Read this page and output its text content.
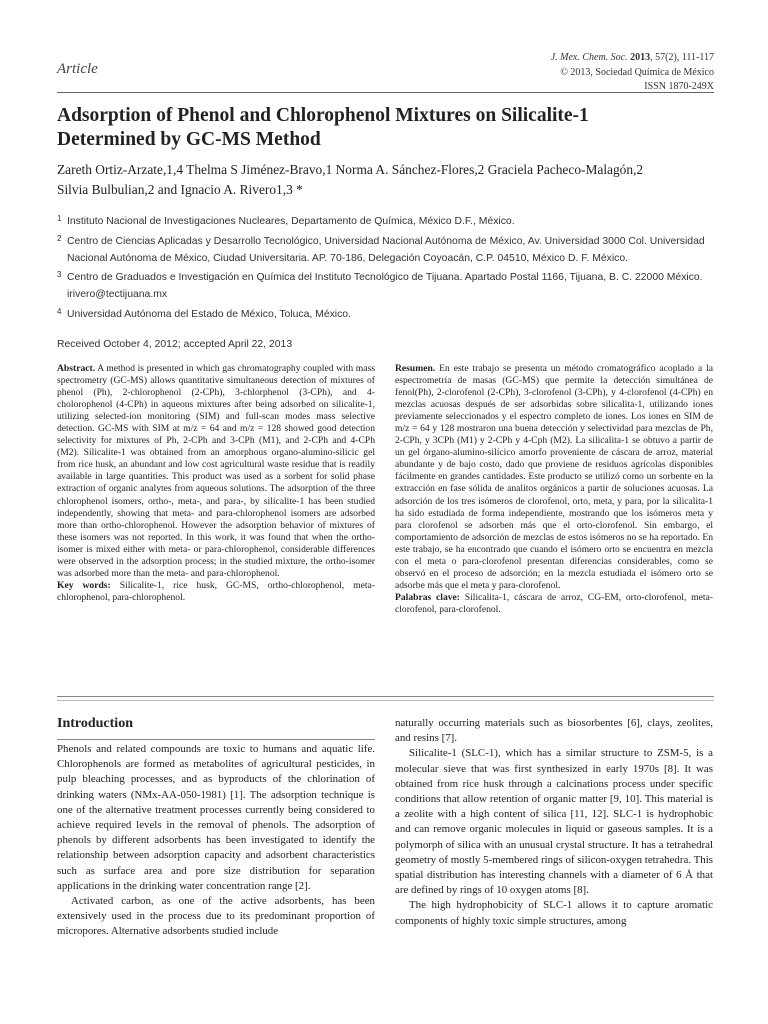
J. Mex. Chem. Soc. 2013, 57(2), 111-117
© 2013, Sociedad Química de México
ISSN 1870-249X
Article
Adsorption of Phenol and Chlorophenol Mixtures on Silicalite-1
Determined by GC-MS Method
Zareth Ortiz-Arzate,1,4 Thelma S Jiménez-Bravo,1 Norma A. Sánchez-Flores,2 Graciela Pacheco-Malagón,2
Silvia Bulbulian,2 and Ignacio A. Rivero1,3 *
1 Instituto Nacional de Investigaciones Nucleares, Departamento de Química, México D.F., México.
2 Centro de Ciencias Aplicadas y Desarrollo Tecnológico, Universidad Nacional Autónoma de México, Av. Universidad 3000 Col. Universidad Nacional Autónoma de México, Ciudad Universitaria. AP. 70-186, Delegación Coyoacán, C.P. 04510, México D. F. México.
3 Centro de Graduados e Investigación en Química del Instituto Tecnológico de Tijuana. Apartado Postal 1166, Tijuana, B. C. 22000 México. irivero@tectijuana.mx
4 Universidad Autónoma del Estado de México, Toluca, México.
Received October 4, 2012; accepted April 22, 2013

Abstract. A method is presented in which gas chromatography coupled with mass spectrometry (GC-MS) allows quantitative simultaneous detection of mixtures of phenol (Ph), 2-chlorophenol (2-CPh), 3-chlorphenol (3-CPh), and 4-cholorophenol (4-CPh) in aqueous mixtures after being adsorbed on silicalite-1, utilizing selected-ion monitoring (SIM) and full-scan modes mass selective detection. GC-MS with SIM at m/z = 64 and m/z = 128 showed good detection selectivity for mixtures of Ph, 2-CPh and 3-CPh (M1), and 2-CPh and 4-CPh (M2). Silicalite-1 was obtained from an amorphous organo-alumino-silicic gel from rice husk, an abundant and low cost agricultural waste residue that is readily available in large quantities. This product was used as a sorbent for solid phase extraction of organic analytes from aqueous solutions. The adsorption of the three chlorophenol isomers, ortho-, meta-, and para-, by silicalite-1 has been studied independently, showing that meta- and para-chlorophenol isomers are adsorbed more than ortho-chlorophenol. However the adsorption behavior of mixtures of these isomers was not reported. In this work, it was found that when the ortho-isomer is mixed either with meta- or para-chlorophenol, considerable differences were observed in the adsorption process; in the studied mixture, the ortho-isomer was adsorbed more than the meta- and para-chlorophenol.

Key words: Silicalite-1, rice husk, GC-MS, ortho-chlorophenol, meta-chlorophenol, para-chlorophenol.

Resumen. En este trabajo se presenta un método cromatográfico acoplado a la espectrometría de masas (GC-MS) que permite la detección simultánea de fenol(Ph), 2-clorofenol (2-CPh), 3-clorofenol (3-CPh), y 4-clorofenol (4-CPh) en mezclas acuosas después de ser adsorbidas sobre silicalita-1, utilizando iones previamente seleccionados y el espectro completo de iones. Los iones en SIM de m/z = 64 y 128 mostraron una buena detección y selectividad para mezclas de Ph, 2-CPh, y 3CPh (M1) y 2-CPh y 4-Cph (M2). La silicalita-1 se obtuvo a partir de un gel órgano-alumino-silícico amorfo proveniente de cáscara de arroz, material abundante y de bajo costo, dado que proviene de residuos agrícolas disponibles fácilmente en grandes cantidades. Este producto se utilizó como un sorbente en la extracción en fase sólida de analitos orgánicos a partir de soluciones acuosas. La adsorción de los tres isómeros de clorofenol, orto, meta, y para, por la silicalita-1 ha sido estudiada de forma independiente, mostrando que los isómeros meta y para clorofenol se adsorben más que el orto-clorofenol. Sin embargo, el comportamiento de adsorción de mezclas de estos isómeros no se ha reportado. En este trabajo, se ha encontrado que cuando el isómero orto se encuentra en mezcla con el meta o para-clorofenol presentan diferencias considerables, como se observó en el proceso de adsorción; en la mezcla estudiada el isómero orto se adsorbe más que el meta y para-clorofenol.

Palabras clave: Silicalita-1, cáscara de arroz, CG-EM, orto-clorofenol, meta-clorofenol, para-clorofenol.

Introduction

Phenols and related compounds are toxic to humans and aquatic life. Chlorophenols are formed as metabolites of agricultural pesticides, in pulp bleaching processes, and as byproducts of the chlorination of drinking waters (NMx-AA-050-1981) [1]. The adsorption technique is one of the alternative treatment processes currently being considered to achieve required levels in the removal of phenols. The adsorption of phenols by different adsorbents has been investigated to identify the relationship between adsorption capacity and adsorbent characteristics such as surface area and pore size distribution for separation applications in the drinking water concentration range [2].

Activated carbon, as one of the active adsorbents, has been extensively used in the process due to its predominant proportion of micropores. Alternative adsorbents studied include

naturally occurring materials such as biosorbentes [6], clays, zeolites, and resins [7].

Silicalite-1 (SLC-1), which has a similar structure to ZSM-5, is a molecular sieve that was first synthesized in early 1970s [8]. It was obtained from rice husk through a calcinations process under specific conditions that allow retention of organic matter [9, 10]. This material is a zeolite with a high content of silica [11, 12]. SLC-1 is hydrophobic and can remove organic molecules in liquid or gaseous samples. It is a polymorph of silica with an unusual crystal structure. It has a tetrahedral geometry of mostly 5-membered rings of silicon-oxygen tetrahedra. This spatial distribution has interesting channels with a diameter of 6 Å that are defined by rings of 10 oxygen atoms [8].

The high hydrophobicity of SLC-1 allows it to capture aromatic components of highly toxic simple structures, among
